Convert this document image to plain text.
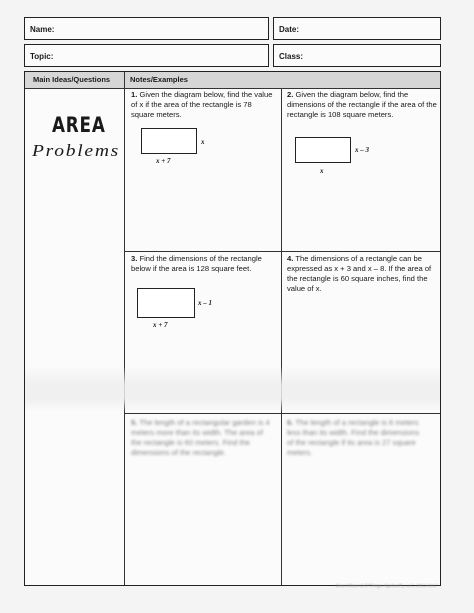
Name:	Date:
Topic:	Class:
Main Ideas/Questions	Notes/Examples
AREA
Problems
1. Given the diagram below, find the value of x if the area of the rectangle is 78 square meters.
x
x + 7
2. Given the diagram below, find the dimensions of the rectangle if the area of the rectangle is 108 square meters.
x – 3
x
3. Find the dimensions of the rectangle below if the area is 128 square feet.
x – 1
x + 7
4. The dimensions of a rectangle can be expressed as x + 3 and x – 8. If the area of the rectangle is 60 square inches, find the value of x.
5. The length of a rectangular garden is 4 meters more than its width. The area of the rectangle is 60 meters. Find the dimensions of the rectangle.
6. The length of a rectangle is 6 meters less than its width. Find the dimensions of the rectangle if its area is 27 square meters.
Gina Wilson (All Things Algebra®), LLC, 2012-2017
